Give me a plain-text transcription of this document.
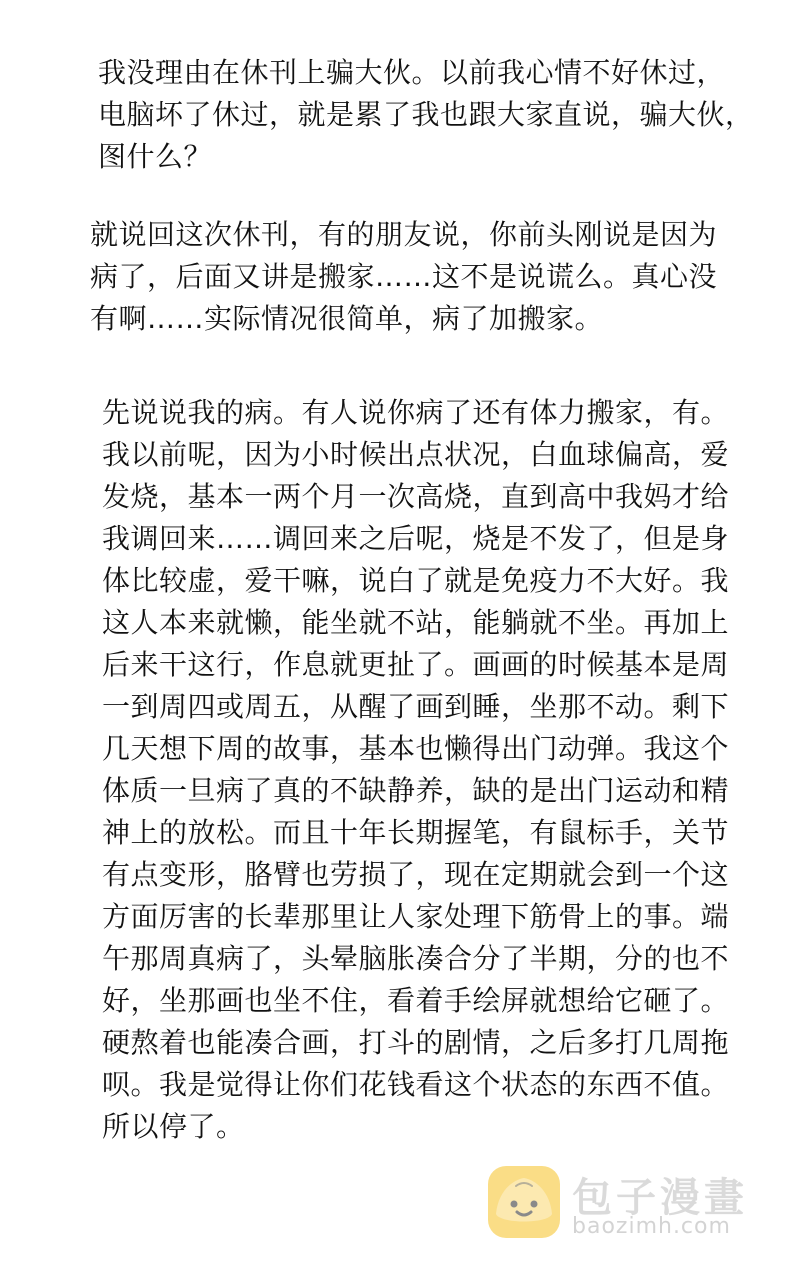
我没理由在休刊上骗大伙。以前我心情不好休过，
电脑坏了休过，就是累了我也跟大家直说，骗大伙，
图什么？
就说回这次休刊，有的朋友说，你前头刚说是因为
病了，后面又讲是搬家……这不是说谎么。真心没
有啊……实际情况很简单，病了加搬家。
先说说我的病。有人说你病了还有体力搬家，有。
我以前呢，因为小时候出点状况，白血球偏高，爱
发烧，基本一两个月一次高烧，直到高中我妈才给
我调回来……调回来之后呢，烧是不发了，但是身
体比较虚，爱干嘛，说白了就是免疫力不大好。我
这人本来就懒，能坐就不站，能躺就不坐。再加上
后来干这行，作息就更扯了。画画的时候基本是周
一到周四或周五，从醒了画到睡，坐那不动。剩下
几天想下周的故事，基本也懒得出门动弹。我这个
体质一旦病了真的不缺静养，缺的是出门运动和精
神上的放松。而且十年长期握笔，有鼠标手，关节
有点变形，胳臂也劳损了，现在定期就会到一个这
方面厉害的长辈那里让人家处理下筋骨上的事。端
午那周真病了，头晕脑胀凑合分了半期，分的也不
好，坐那画也坐不住，看着手绘屏就想给它砸了。
硬熬着也能凑合画，打斗的剧情，之后多打几周拖
呗。我是觉得让你们花钱看这个状态的东西不值。
所以停了。
包子漫畫
baozimh.com
